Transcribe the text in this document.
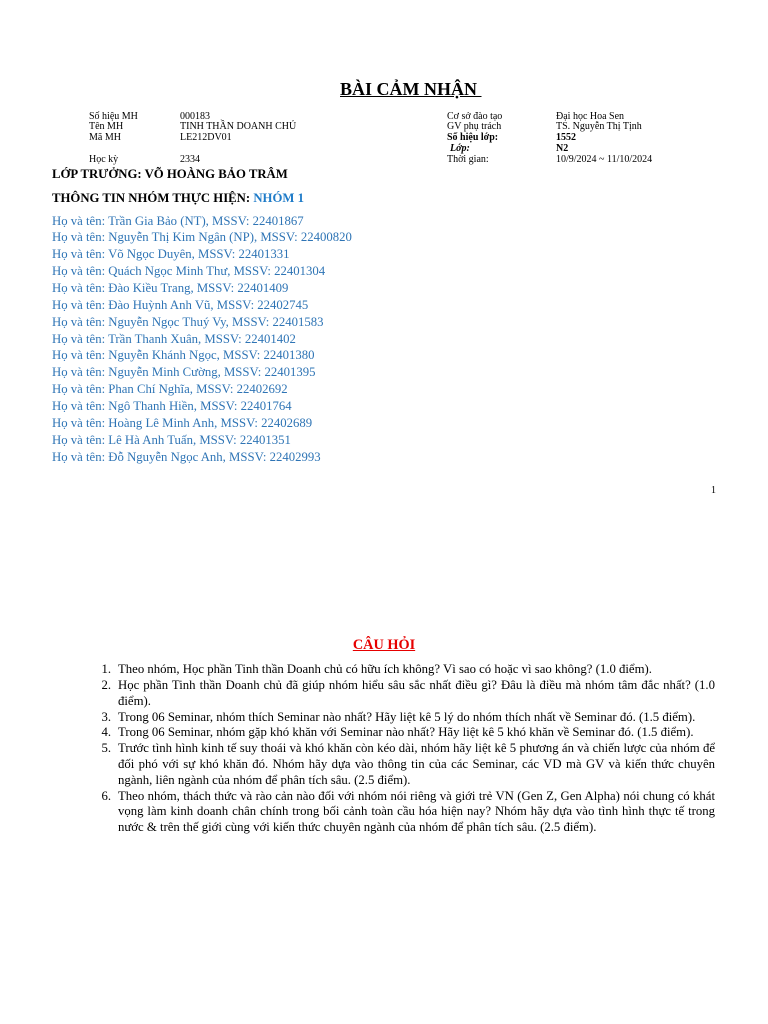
BÀI CẢM NHẬN
Số hiệu MH	000183
Tên MH	TINH THẦN DOANH CHỦ
Mã MH	LE212DV01
Học kỳ	2334
Cơ sở đào tạo	Đại học Hoa Sen
GV phụ trách	TS. Nguyễn Thị Tịnh
Số hiệu lớp:	1552
Lớp:	N2
Thời gian:	10/9/2024 ~ 11/10/2024
LỚP TRƯỞNG: VÕ HOÀNG BẢO TRÂM
THÔNG TIN NHÓM THỰC HIỆN: NHÓM 1
Họ và tên: Trần Gia Bảo (NT), MSSV: 22401867
Họ và tên: Nguyễn Thị Kim Ngân (NP), MSSV: 22400820
Họ và tên: Võ Ngọc Duyên, MSSV: 22401331
Họ và tên: Quách Ngọc Minh Thư, MSSV: 22401304
Họ và tên: Đào Kiều Trang, MSSV: 22401409
Họ và tên: Đào Huỳnh Anh Vũ, MSSV: 22402745
Họ và tên: Nguyễn Ngọc Thuý Vy, MSSV: 22401583
Họ và tên: Trần Thanh Xuân, MSSV: 22401402
Họ và tên: Nguyễn Khánh Ngọc, MSSV: 22401380
Họ và tên: Nguyễn Minh Cường, MSSV: 22401395
Họ và tên: Phan Chí Nghĩa, MSSV: 22402692
Họ và tên: Ngô Thanh Hiền, MSSV: 22401764
Họ và tên: Hoàng Lê Minh Anh, MSSV: 22402689
Họ và tên: Lê Hà Anh Tuấn, MSSV: 22401351
Họ và tên: Đỗ Nguyễn Ngọc Anh, MSSV: 22402993
1
CÂU HỎI
1. Theo nhóm, Học phần Tinh thần Doanh chủ có hữu ích không? Vì sao có hoặc vì sao không? (1.0 điểm).
2. Học phần Tinh thần Doanh chủ đã giúp nhóm hiểu sâu sắc nhất điều gì? Đâu là điều mà nhóm tâm đắc nhất? (1.0 điểm).
3. Trong 06 Seminar, nhóm thích Seminar nào nhất? Hãy liệt kê 5 lý do nhóm thích nhất về Seminar đó. (1.5 điểm).
4. Trong 06 Seminar, nhóm gặp khó khăn với Seminar nào nhất? Hãy liệt kê 5 khó khăn về Seminar đó. (1.5 điểm).
5. Trước tình hình kinh tế suy thoái và khó khăn còn kéo dài, nhóm hãy liệt kê 5 phương án và chiến lược của nhóm để đối phó với sự khó khăn đó. Nhóm hãy dựa vào thông tin của các Seminar, các VD mà GV và kiến thức chuyên ngành, liên ngành của nhóm để phân tích sâu. (2.5 điểm).
6. Theo nhóm, thách thức và rào cản nào đối với nhóm nói riêng và giới trẻ VN (Gen Z, Gen Alpha) nói chung có khát vọng làm kinh doanh chân chính trong bối cảnh toàn cầu hóa hiện nay? Nhóm hãy dựa vào tình hình thực tế trong nước & trên thế giới cùng với kiến thức chuyên ngành của nhóm để phân tích sâu. (2.5 điểm).
